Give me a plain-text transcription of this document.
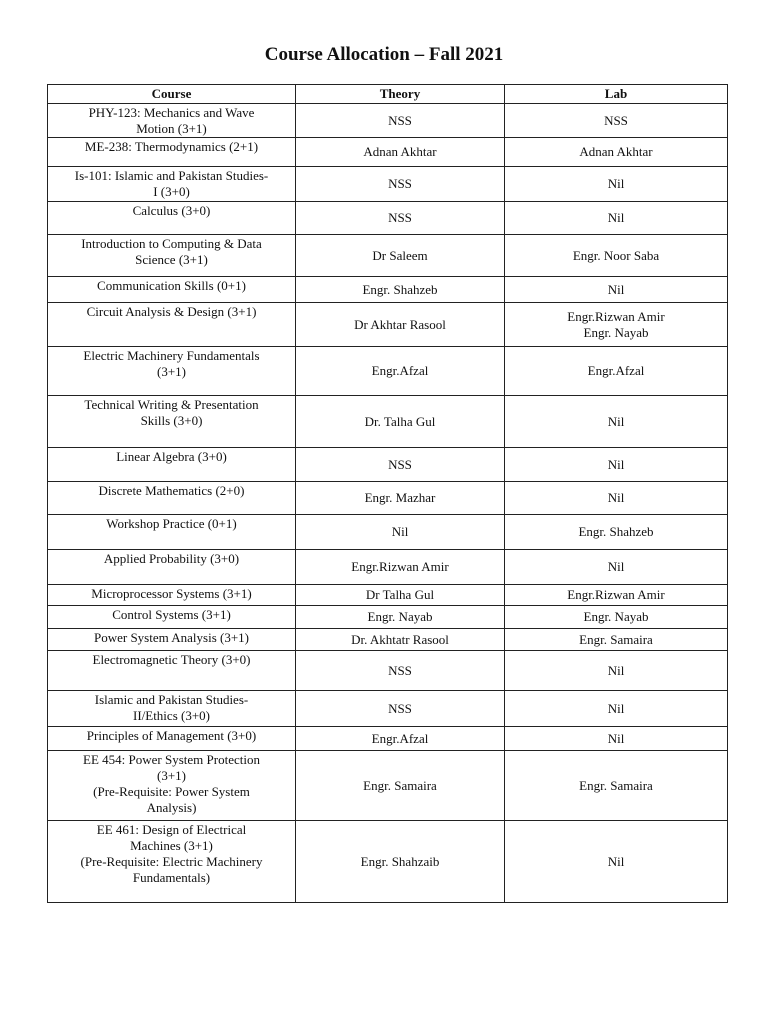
Course Allocation – Fall 2021
Course	Theory	Lab

PHY-123: Mechanics and Wave
Motion (3+1)	NSS	NSS

ME-238: Thermodynamics (2+1)	Adnan Akhtar	Adnan Akhtar

Is-101: Islamic and Pakistan Studies-
I (3+0)	NSS	Nil

Calculus (3+0)	NSS	Nil

Introduction to Computing & Data
Science (3+1)	Dr Saleem	Engr. Noor Saba

Communication Skills (0+1)	Engr. Shahzeb	Nil

Circuit Analysis & Design (3+1)	Dr Akhtar Rasool	Engr.Rizwan Amir
Engr. Nayab

Electric Machinery Fundamentals
(3+1)	Engr.Afzal	Engr.Afzal

Technical Writing & Presentation
Skills (3+0)	Dr. Talha Gul	Nil

Linear Algebra (3+0)	NSS	Nil

Discrete Mathematics (2+0)	Engr. Mazhar	Nil

Workshop Practice (0+1)	Nil	Engr. Shahzeb

Applied Probability (3+0)	Engr.Rizwan Amir	Nil

Microprocessor Systems (3+1)	Dr Talha Gul	Engr.Rizwan Amir

Control Systems (3+1)	Engr. Nayab	Engr. Nayab

Power System Analysis (3+1)	Dr. Akhtatr Rasool	Engr. Samaira

Electromagnetic Theory (3+0)	NSS	Nil

Islamic and Pakistan Studies-
II/Ethics (3+0)	NSS	Nil

Principles of Management (3+0)	Engr.Afzal	Nil

EE 454: Power System Protection
(3+1)
(Pre-Requisite: Power System
Analysis)	Engr. Samaira	Engr. Samaira

EE 461: Design of Electrical
Machines (3+1)
(Pre-Requisite: Electric Machinery
Fundamentals)	Engr. Shahzaib	Nil
